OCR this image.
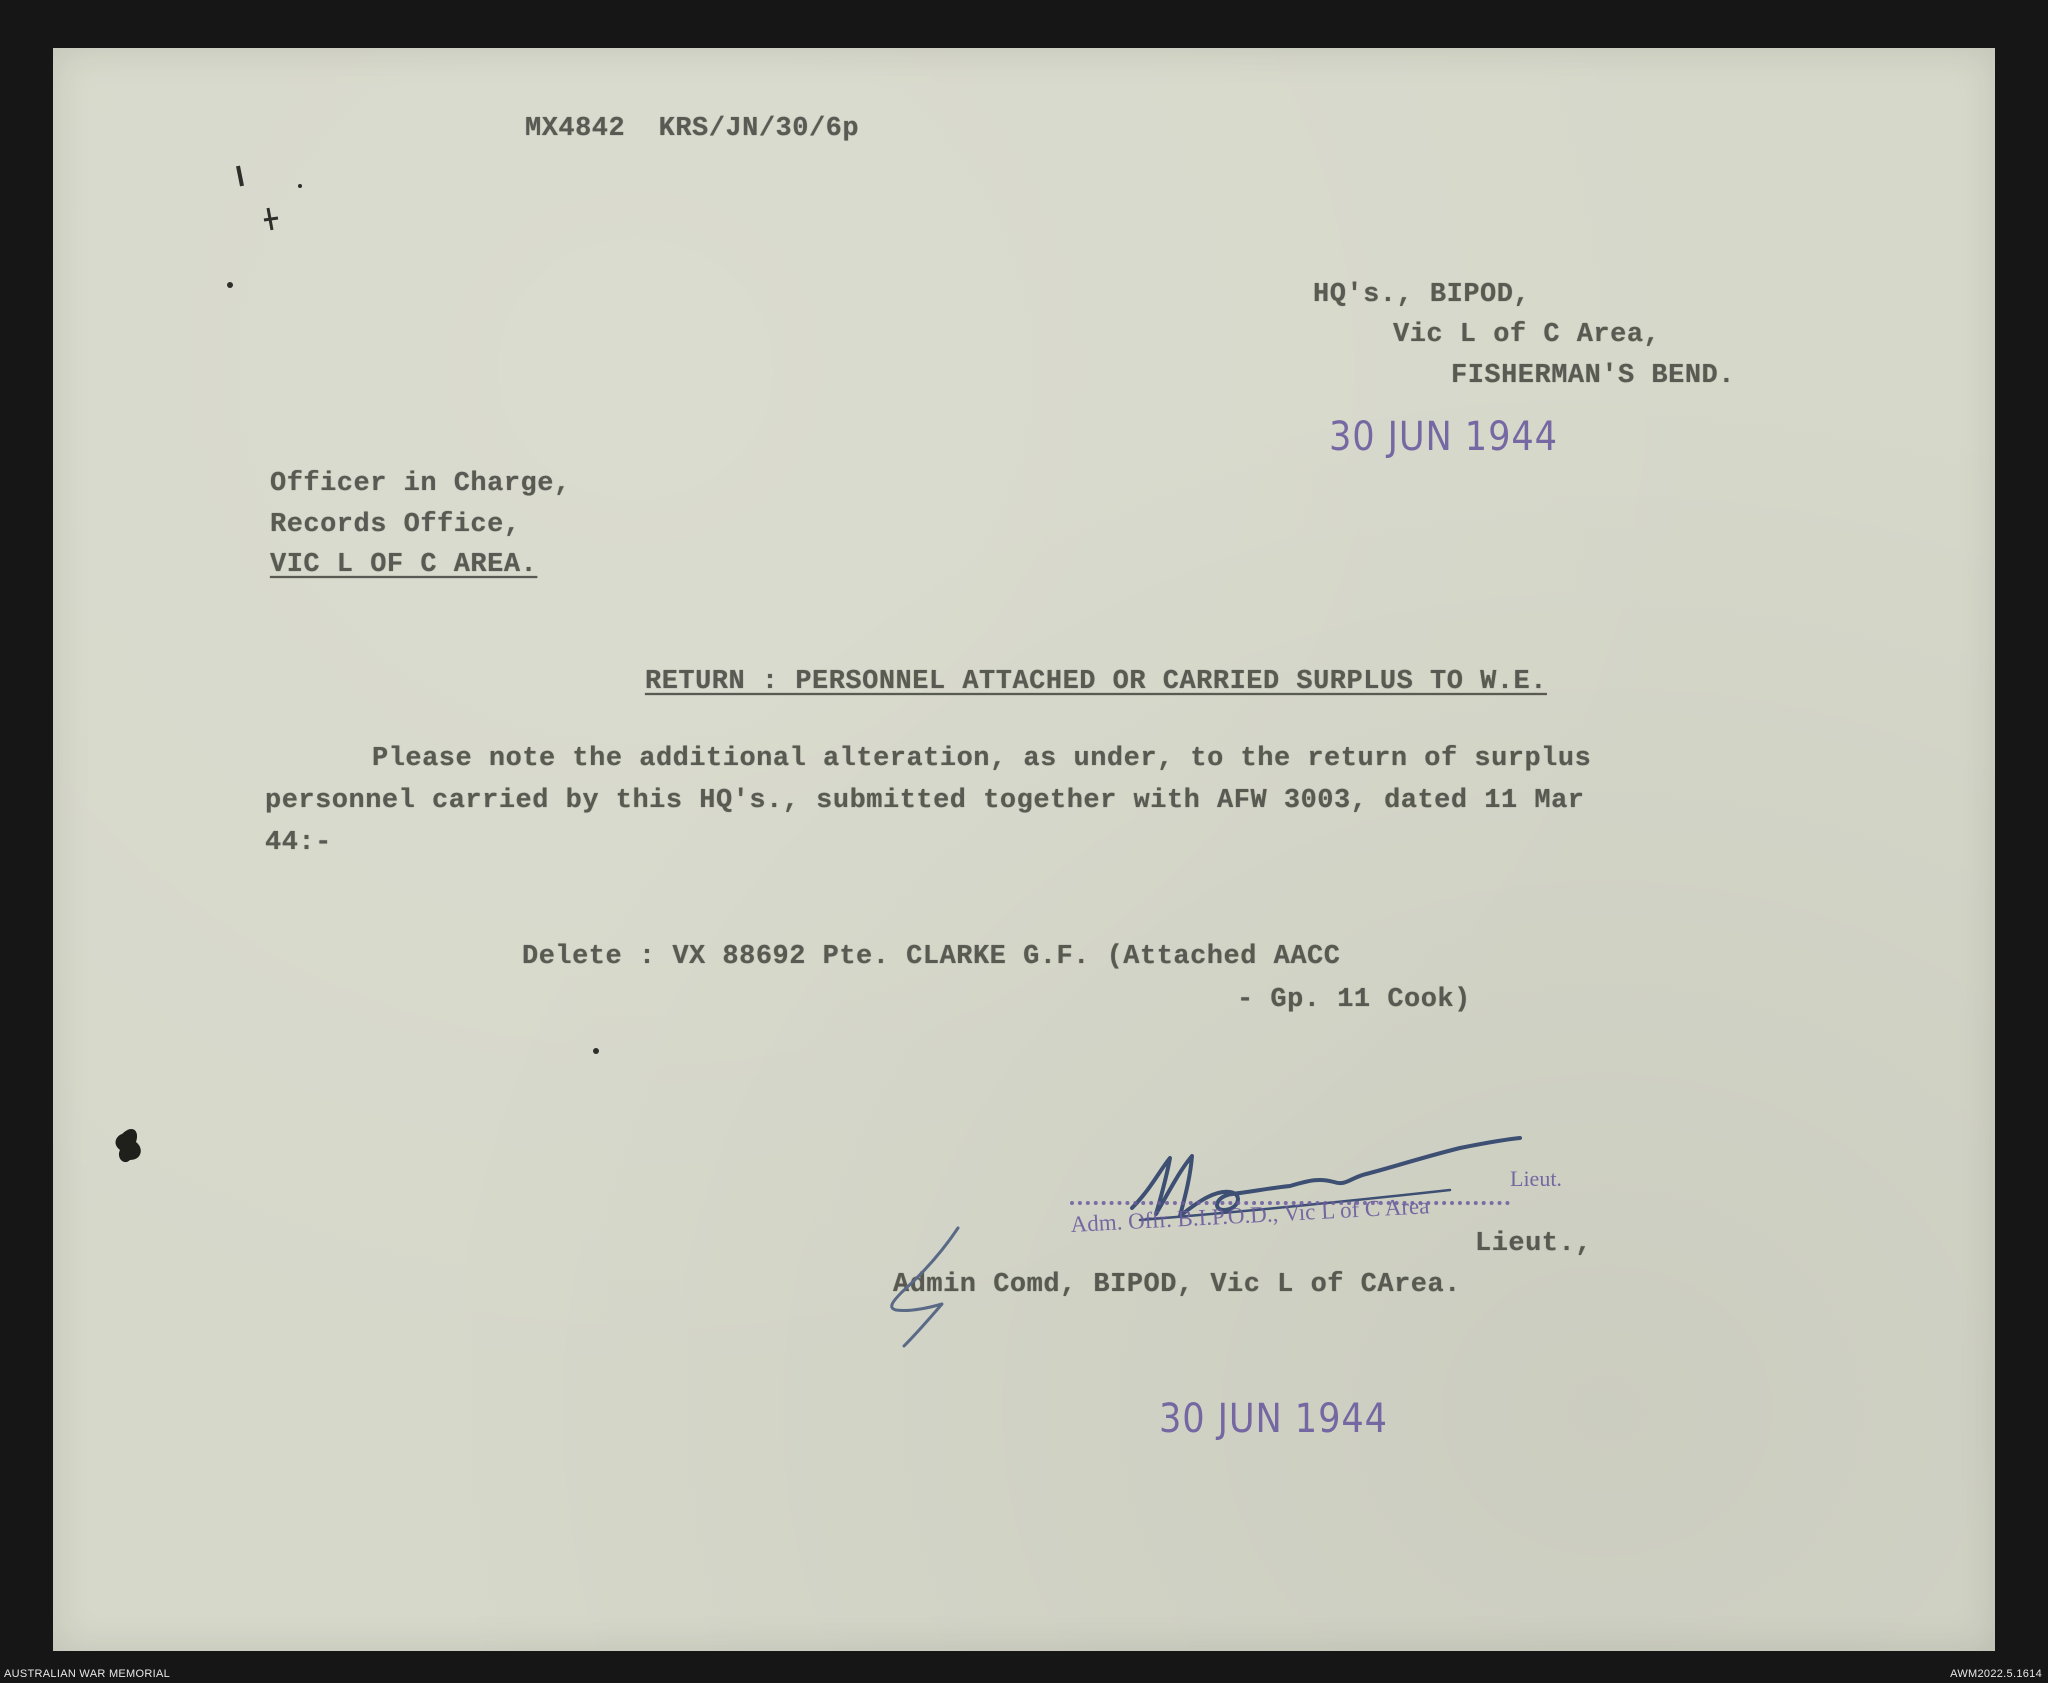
MX4842  KRS/JN/30/6p
HQ's., BIPOD,
Vic L of C Area,
FISHERMAN'S BEND.
30 JUN 1944
Officer in Charge,
Records Office,
VIC L OF C AREA.
RETURN : PERSONNEL ATTACHED OR CARRIED SURPLUS TO W.E.
Please note the additional alteration, as under, to the return of surplus
personnel carried by this HQ's., submitted together with AFW 3003, dated 11 Mar
44:-
Delete : VX 88692 Pte. CLARKE G.F. (Attached AACC
- Gp. 11 Cook)
Lieut.
Adm. Offr. B.I.P.O.D., Vic L of C Area
Lieut.,
Admin Comd, BIPOD, Vic L of CArea.
30 JUN 1944
AUSTRALIAN WAR MEMORIAL	AWM2022.5.1614
